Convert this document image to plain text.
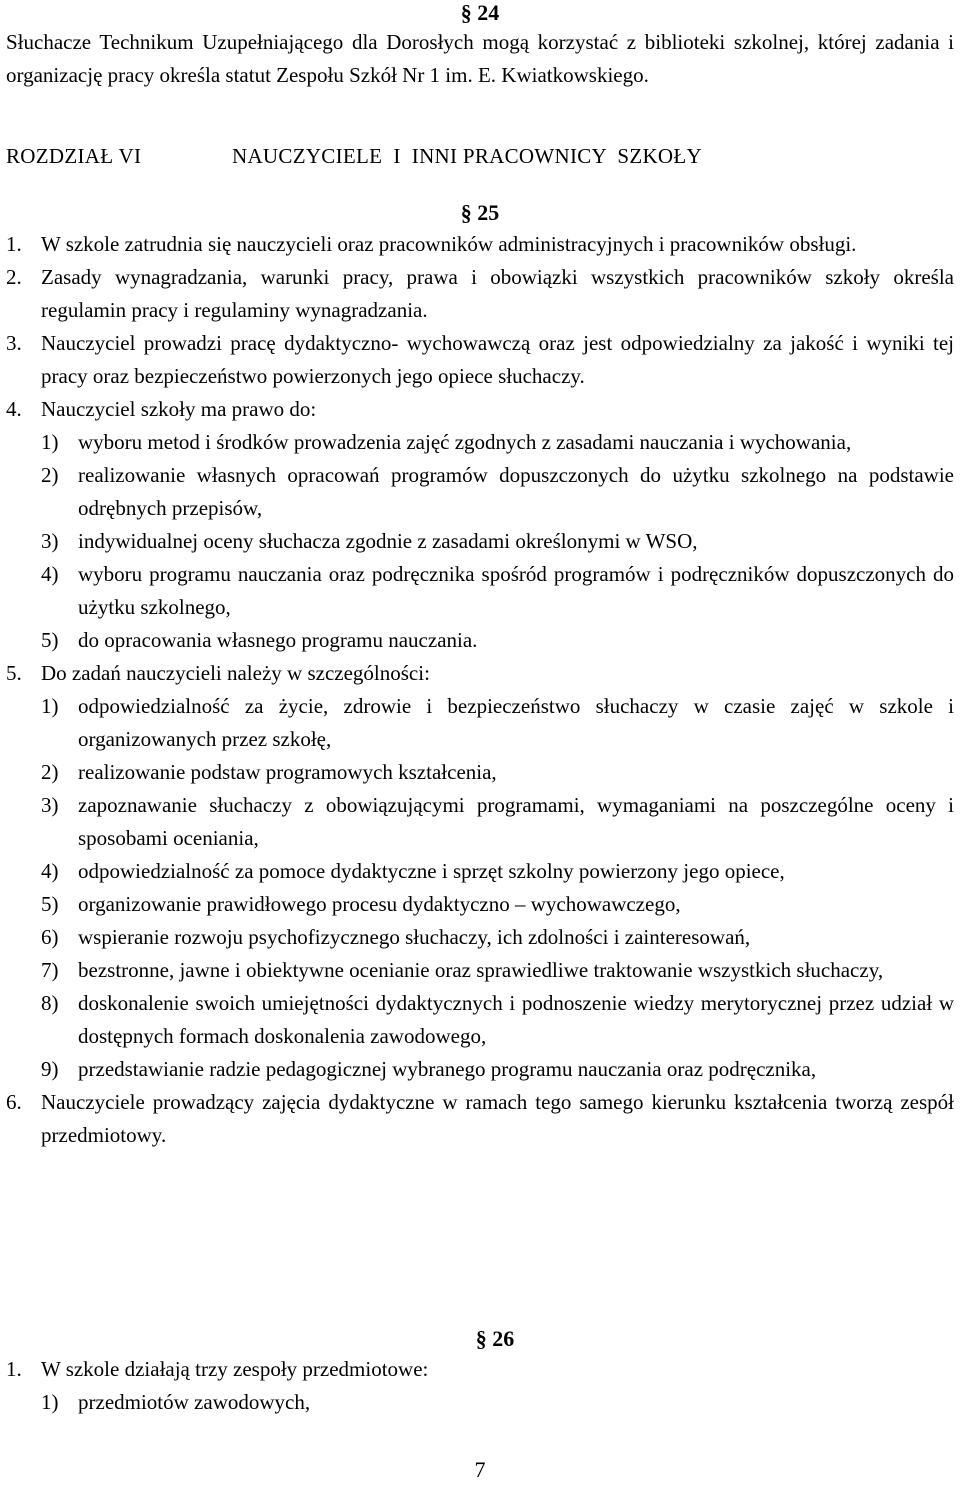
§ 24
Słuchacze Technikum Uzupełniającego dla Dorosłych mogą korzystać z biblioteki szkolnej, której zadania i organizację pracy określa statut Zespołu Szkół Nr 1 im. E. Kwiatkowskiego.
ROZDZIAŁ VI	NAUCZYCIELE  I  INNI PRACOWNICY  SZKOŁY
§ 25
1. W szkole zatrudnia się nauczycieli oraz pracowników administracyjnych i pracowników obsługi.
2. Zasady wynagradzania, warunki pracy, prawa i obowiązki wszystkich pracowników szkoły określa regulamin pracy i regulaminy wynagradzania.
3. Nauczyciel prowadzi pracę dydaktyczno- wychowawczą oraz jest odpowiedzialny za jakość i wyniki tej pracy oraz bezpieczeństwo powierzonych jego opiece słuchaczy.
4. Nauczyciel szkoły ma prawo do:
1) wyboru metod i środków prowadzenia zajęć zgodnych z zasadami nauczania i wychowania,
2) realizowanie własnych opracowań programów dopuszczonych do użytku szkolnego na podstawie odrębnych przepisów,
3) indywidualnej oceny słuchacza zgodnie z zasadami określonymi w WSO,
4) wyboru programu nauczania oraz podręcznika spośród programów i podręczników dopuszczonych do użytku szkolnego,
5) do opracowania własnego programu nauczania.
5. Do zadań nauczycieli należy w szczególności:
1) odpowiedzialność za życie, zdrowie i bezpieczeństwo słuchaczy w czasie zajęć w szkole i organizowanych przez szkołę,
2) realizowanie podstaw programowych kształcenia,
3) zapoznawanie słuchaczy z obowiązującymi programami, wymaganiami na poszczególne oceny i sposobami oceniania,
4) odpowiedzialność za pomoce dydaktyczne i sprzęt szkolny powierzony jego opiece,
5) organizowanie prawidłowego procesu dydaktyczno – wychowawczego,
6) wspieranie rozwoju psychofizycznego słuchaczy, ich zdolności i zainteresowań,
7) bezstronne, jawne i obiektywne ocenianie oraz sprawiedliwe traktowanie wszystkich słuchaczy,
8) doskonalenie swoich umiejętności dydaktycznych i podnoszenie wiedzy merytorycznej przez udział w dostępnych formach doskonalenia zawodowego,
9) przedstawianie radzie pedagogicznej wybranego programu nauczania oraz podręcznika,
6. Nauczyciele prowadzący zajęcia dydaktyczne w ramach tego samego kierunku kształcenia tworzą zespół przedmiotowy.
§ 26
1. W szkole działają trzy zespoły przedmiotowe:
1) przedmiotów zawodowych,
7
